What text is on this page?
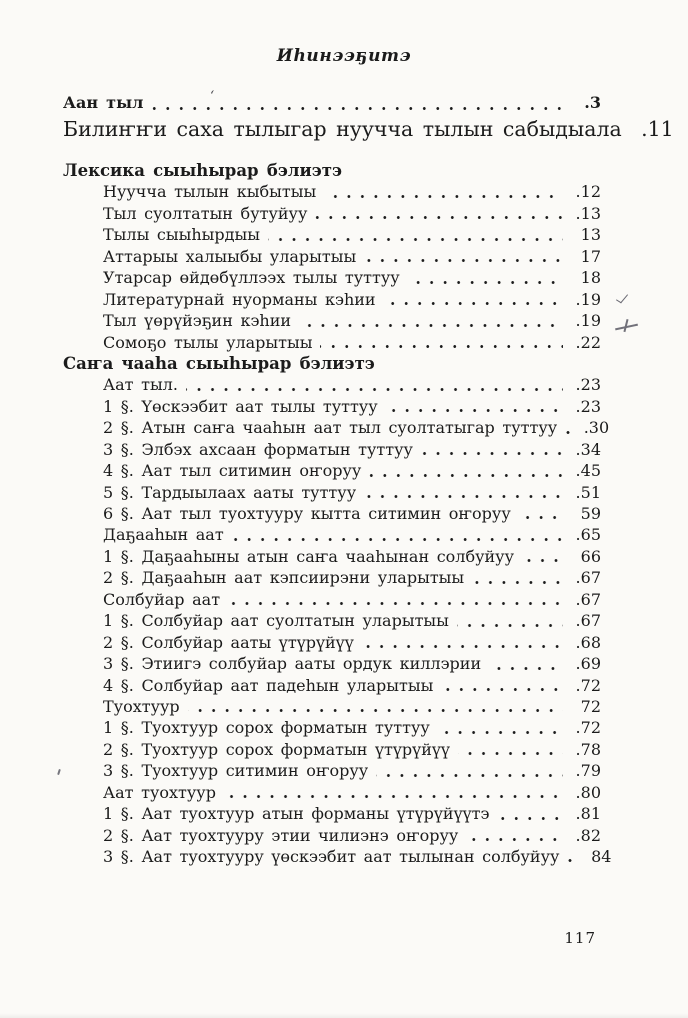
Иһинээҕитэ
Аан тыл	.3
ʻ
Билиҥҥи саха тылыгар нуучча тылын сабыдыала .11
Лексика сыыһырар бэлиэтэ
Нуучча тылын кыбытыы	.12
Тыл суолтатын бутуйуу	.13
Тылы сыыһырдыы	13
Аттарыы халыыбы уларытыы	17
Утарсар өйдөбүллээх тылы туттуу	18
Литературнай нуорманы кэһии	.19
Тыл үөрүйэҕин кэһии	.19
Сомоҕо тылы уларытыы	.22
Саҥа чааһа сыыһырар бэлиэтэ
Аат тыл.	.23
1 §. Үөскээбит аат тылы туттуу	.23
2 §. Атын саҥа чааһын аат тыл суолтатыгар туттуу	.30
3 §. Элбэх ахсаан форматын туттуу	.34
4 §. Аат тыл ситимин оҥоруу	.45
5 §. Тардыылаах ааты туттуу	.51
6 §. Аат тыл туохтууру кытта ситимин оҥоруу	59
Даҕааһын аат	.65
1 §. Даҕааһыны атын саҥа чааһынан солбуйуу	66
2 §. Даҕааһын аат кэпсиирэни уларытыы	.67
Солбуйар аат	.67
1 §. Солбуйар аат суолтатын уларытыы	.67
2 §. Солбуйар ааты үтүрүйүү	.68
3 §. Этиигэ солбуйар ааты ордук киллэрии	.69
4 §. Солбуйар аат падеһын уларытыы	.72
Туохтуур	72
1 §. Туохтуур сорох форматын туттуу	.72
2 §. Туохтуур сорох форматын үтүрүйүү	.78
3 §. Туохтуур ситимин оҥоруу	.79
Аат туохтуур	.80
1 §. Аат туохтуур атын форманы үтүрүйүүтэ	.81
2 §. Аат туохтууру этии чилиэнэ оҥоруу	.82
3 §. Аат туохтууру үөскээбит аат тылынан солбуйуу	84
117
